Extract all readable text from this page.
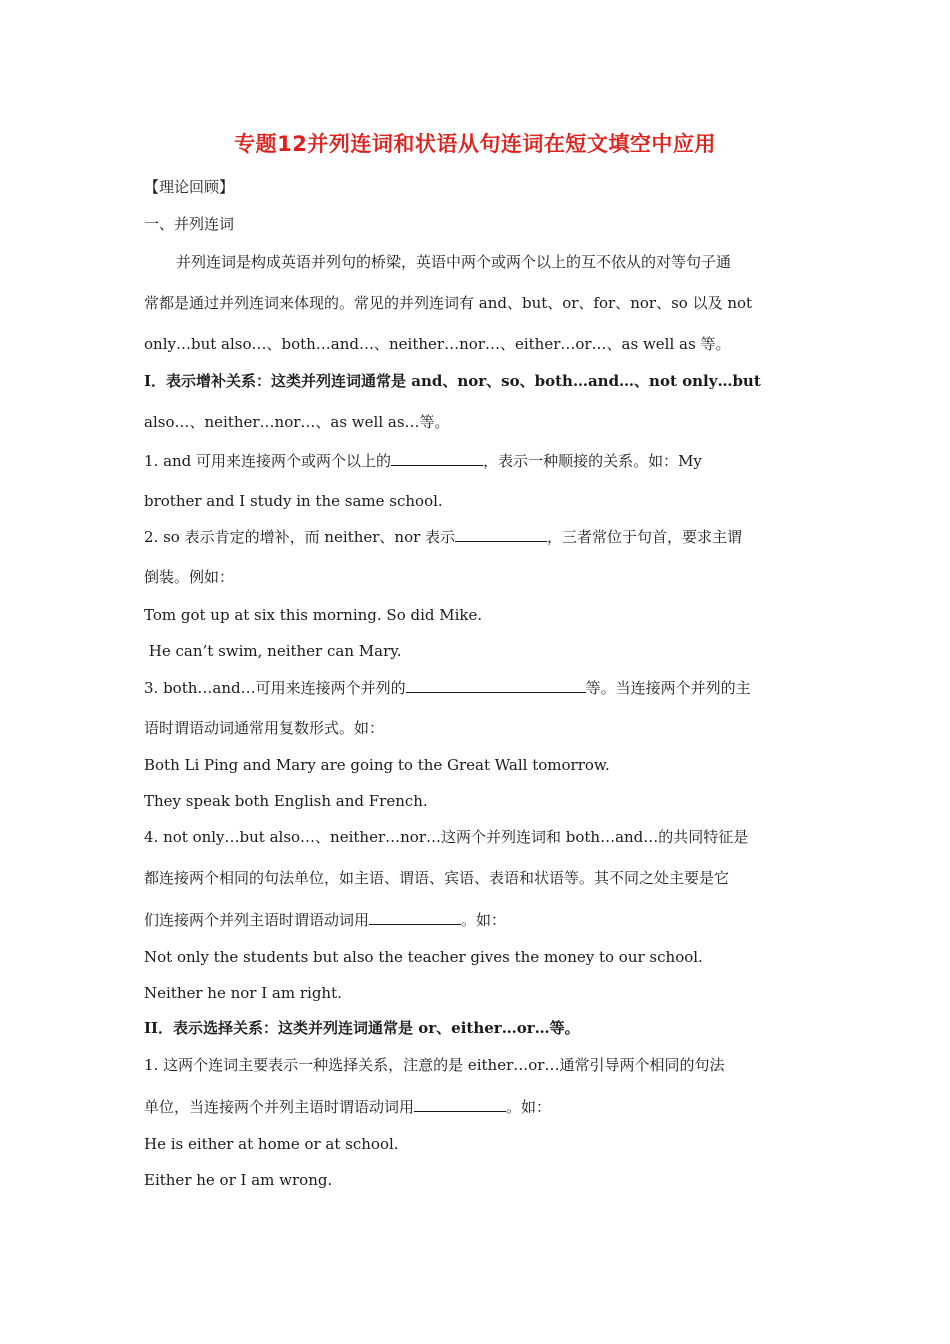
专题12并列连词和状语从句连词在短文填空中应用
【理论回顾】
一、并列连词
并列连词是构成英语并列句的桥梁，英语中两个或两个以上的互不依从的对等句子通
常都是通过并列连词来体现的。常见的并列连词有 and、but、or、for、nor、so 以及 not
only…but also…、both…and…、neither…nor…、either…or…、as well as 等。
I．表示增补关系：这类并列连词通常是 and、nor、so、both…and…、not only…but
also…、neither…nor…、as well as…等。
1. and 可用来连接两个或两个以上的	，表示一种顺接的关系。如：My
brother and I study in the same school.
2. so 表示肯定的增补，而 neither、nor 表示	，三者常位于句首，要求主谓
倒装。例如：
Tom got up at six this morning. So did Mike.
He can’t swim, neither can Mary.
3. both…and…可用来连接两个并列的	等。当连接两个并列的主
语时谓语动词通常用复数形式。如：
Both Li Ping and Mary are going to the Great Wall tomorrow.
They speak both English and French.
4. not only…but also…、neither…nor…这两个并列连词和 both…and…的共同特征是
都连接两个相同的句法单位，如主语、谓语、宾语、表语和状语等。其不同之处主要是它
们连接两个并列主语时谓语动词用	。如：
Not only the students but also the teacher gives the money to our school.
Neither he nor I am right.
II．表示选择关系：这类并列连词通常是 or、either…or…等。
1. 这两个连词主要表示一种选择关系，注意的是 either…or…通常引导两个相同的句法
单位，当连接两个并列主语时谓语动词用	。如：
He is either at home or at school.
Either he or I am wrong.
